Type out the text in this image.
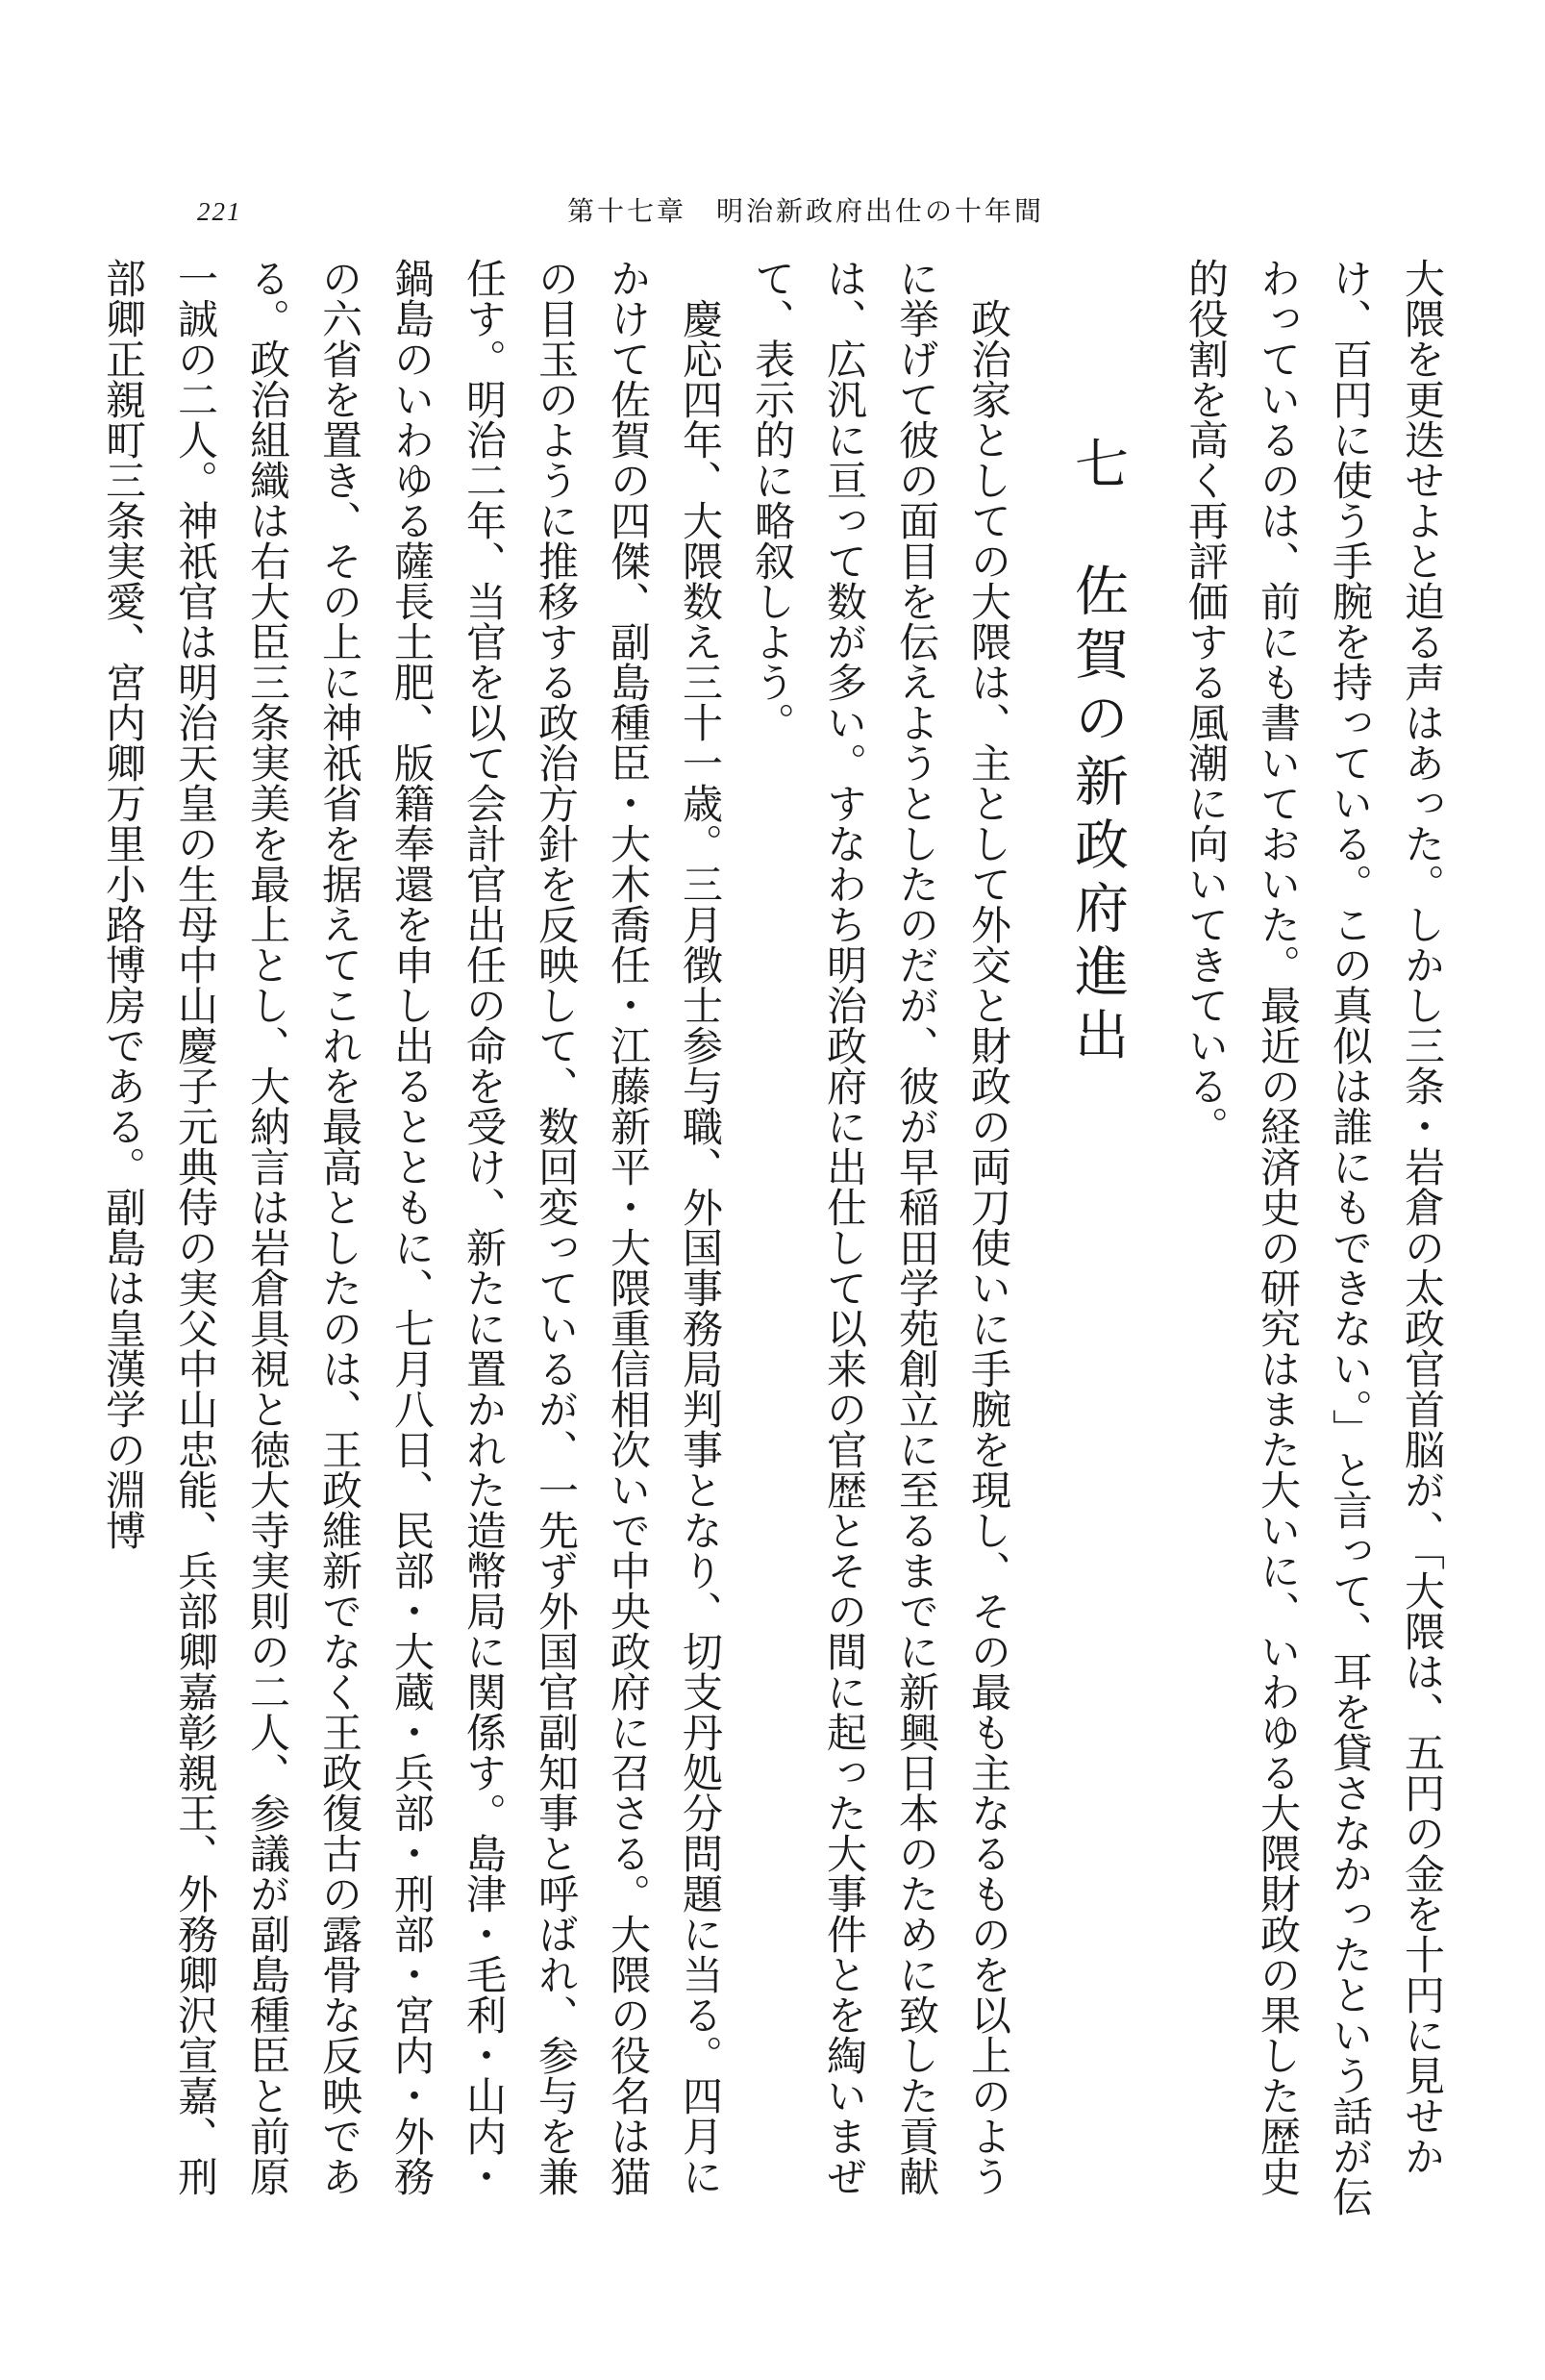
221	第十七章　明治新政府出仕の十年間

大隈を更迭せよと迫る声はあった。しかし三条・岩倉の太政官首脳が、「大隈は、五円の金を十円に見せかけ、百円に使う手腕を持っている。この真似は誰にもできない。」と言って、耳を貸さなかったという話が伝わっているのは、前にも書いておいた。最近の経済史の研究はまた大いに、いわゆる大隈財政の果した歴史的役割を高く再評価する風潮に向いてきている。

七　佐賀の新政府進出

政治家としての大隈は、主として外交と財政の両刀使いに手腕を現し、その最も主なるものを以上のように挙げて彼の面目を伝えようとしたのだが、彼が早稲田学苑創立に至るまでに新興日本のために致した貢献は、広汎に亘って数が多い。すなわち明治政府に出仕して以来の官歴とその間に起った大事件とを綯いまぜて、表示的に略叙しよう。

慶応四年、大隈数え三十一歳。三月徴士参与職、外国事務局判事となり、切支丹処分問題に当る。四月にかけて佐賀の四傑、副島種臣・大木喬任・江藤新平・大隈重信相次いで中央政府に召さる。大隈の役名は猫の目玉のように推移する政治方針を反映して、数回変っているが、一先ず外国官副知事と呼ばれ、参与を兼任す。明治二年、当官を以て会計官出任の命を受け、新たに置かれた造幣局に関係す。島津・毛利・山内・鍋島のいわゆる薩長土肥、版籍奉還を申し出るとともに、七月八日、民部・大蔵・兵部・刑部・宮内・外務の六省を置き、その上に神祇省を据えてこれを最高としたのは、王政維新でなく王政復古の露骨な反映である。政治組織は右大臣三条実美を最上とし、大納言は岩倉具視と徳大寺実則の二人、参議が副島種臣と前原一誠の二人。神祇官は明治天皇の生母中山慶子元典侍の実父中山忠能、兵部卿嘉彰親王、外務卿沢宣嘉、刑部卿正親町三条実愛、宮内卿万里小路博房である。副島は皇漢学の淵博
